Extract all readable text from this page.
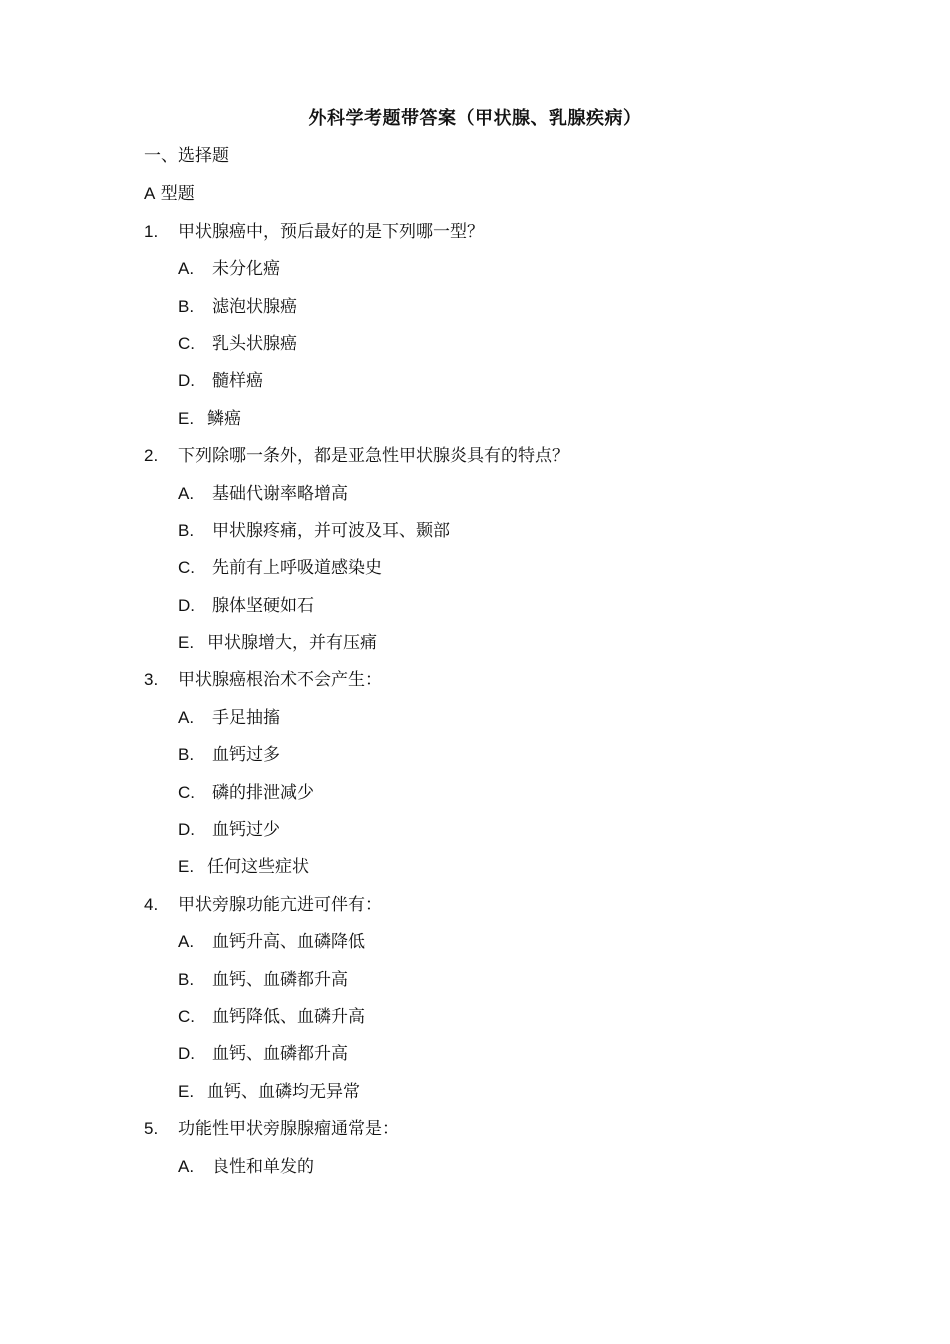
外科学考题带答案（甲状腺、乳腺疾病）
一、选择题
A 型题
1. 甲状腺癌中，预后最好的是下列哪一型？
A. 未分化癌
B. 滤泡状腺癌
C. 乳头状腺癌
D. 髓样癌
E. 鳞癌
2. 下列除哪一条外，都是亚急性甲状腺炎具有的特点？
A. 基础代谢率略增高
B. 甲状腺疼痛，并可波及耳、颞部
C. 先前有上呼吸道感染史
D. 腺体坚硬如石
E. 甲状腺增大，并有压痛
3. 甲状腺癌根治术不会产生：
A. 手足抽搐
B. 血钙过多
C. 磷的排泄减少
D. 血钙过少
E. 任何这些症状
4. 甲状旁腺功能亢进可伴有：
A. 血钙升高、血磷降低
B. 血钙、血磷都升高
C. 血钙降低、血磷升高
D. 血钙、血磷都升高
E. 血钙、血磷均无异常
5. 功能性甲状旁腺腺瘤通常是：
A. 良性和单发的
